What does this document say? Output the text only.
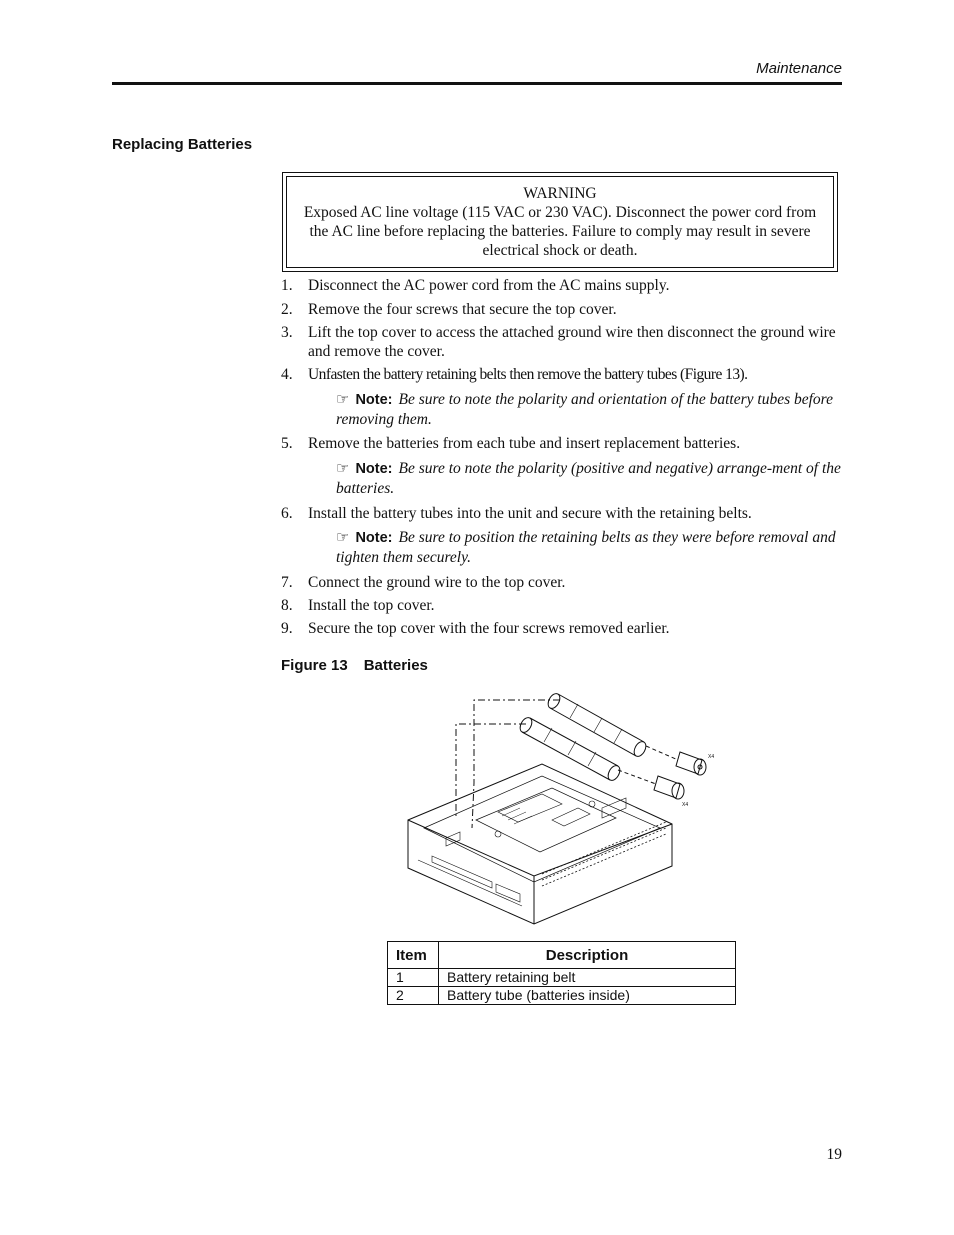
Maintenance
Replacing Batteries
WARNING
Exposed AC line voltage (115 VAC or 230 VAC). Disconnect the power cord from the AC line before replacing the batteries. Failure to comply may result in severe electrical shock or death.
1. Disconnect the AC power cord from the AC mains supply.
2. Remove the four screws that secure the top cover.
3. Lift the top cover to access the attached ground wire then disconnect the ground wire and remove the cover.
4. Unfasten the battery retaining belts then remove the battery tubes (Figure 13).
☞ Note: Be sure to note the polarity and orientation of the battery tubes before removing them.
5. Remove the batteries from each tube and insert replacement batteries.
☞ Note: Be sure to note the polarity (positive and negative) arrange-ment of the batteries.
6. Install the battery tubes into the unit and secure with the retaining belts.
☞ Note: Be sure to position the retaining belts as they were before removal and tighten them securely.
7. Connect the ground wire to the top cover.
8. Install the top cover.
9. Secure the top cover with the four screws removed earlier.
Figure 13 Batteries
X4
X4
Item	Description
1	Battery retaining belt
2	Battery tube (batteries inside)
19
